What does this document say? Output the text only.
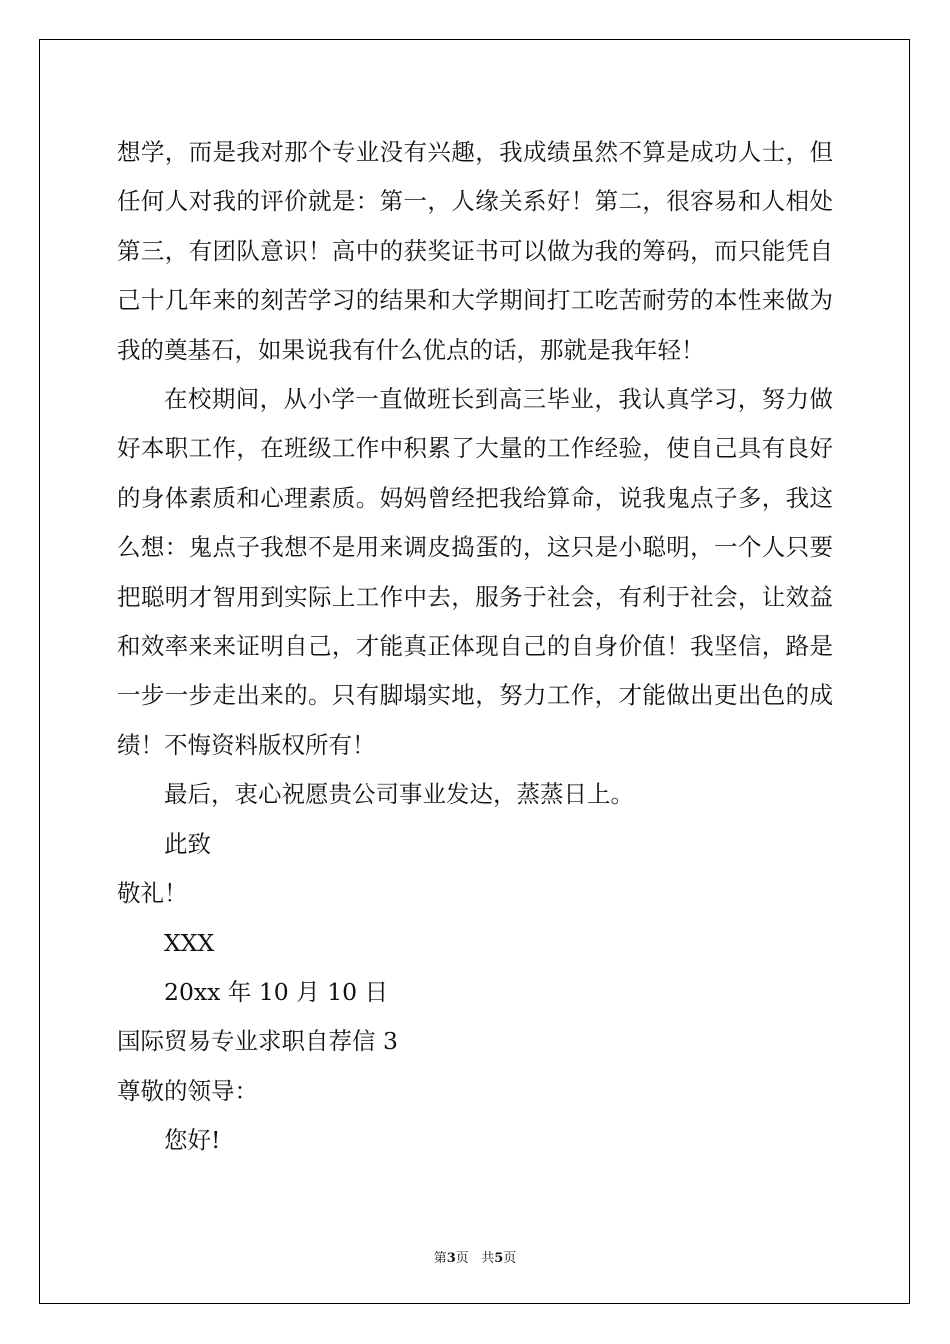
想学，而是我对那个专业没有兴趣，我成绩虽然不算是成功人士，但任何人对我的评价就是：第一，人缘关系好！第二，很容易和人相处第三，有团队意识！高中的获奖证书可以做为我的筹码，而只能凭自己十几年来的刻苦学习的结果和大学期间打工吃苦耐劳的本性来做为我的奠基石，如果说我有什么优点的话，那就是我年轻！

在校期间，从小学一直做班长到高三毕业，我认真学习，努力做好本职工作，在班级工作中积累了大量的工作经验，使自己具有良好的身体素质和心理素质。妈妈曾经把我给算命，说我鬼点子多，我这么想：鬼点子我想不是用来调皮捣蛋的，这只是小聪明，一个人只要把聪明才智用到实际上工作中去，服务于社会，有利于社会，让效益和效率来来证明自己，才能真正体现自己的自身价值！我坚信，路是一步一步走出来的。只有脚塌实地，努力工作，才能做出更出色的成绩！不悔资料版权所有！

最后，衷心祝愿贵公司事业发达，蒸蒸日上。

此致

敬礼！

XXX

20xx 年 10 月 10 日

国际贸易专业求职自荐信 3

尊敬的领导：

您好!

第3页 共5页
